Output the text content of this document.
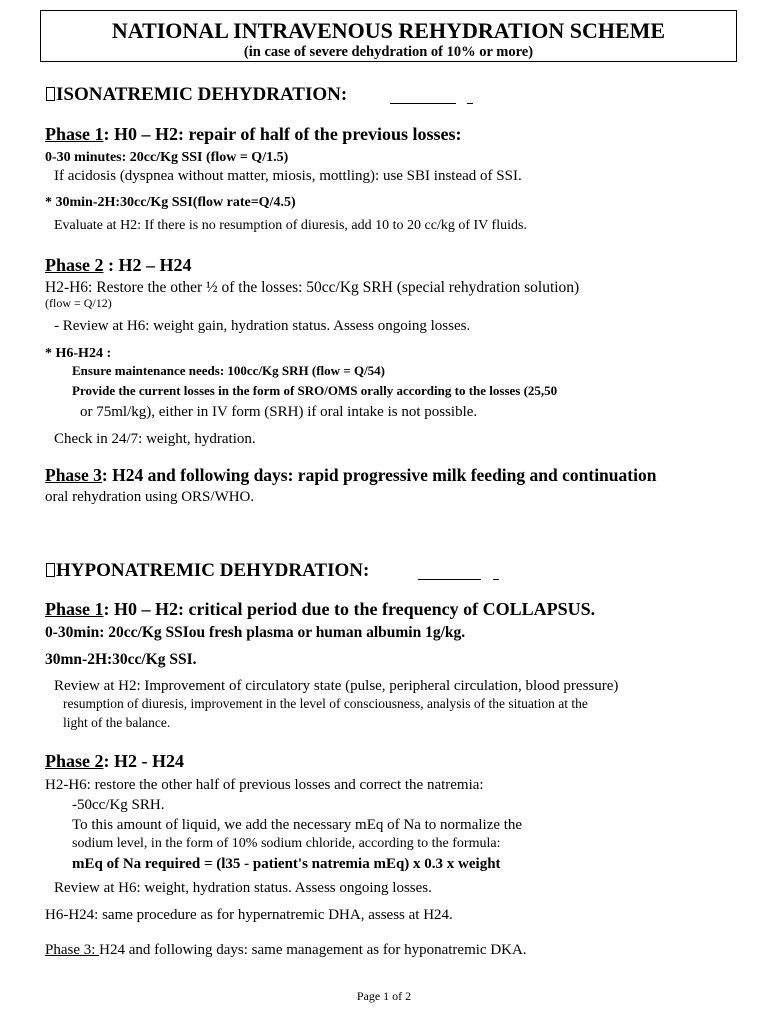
NATIONAL INTRAVENOUS REHYDRATION SCHEME
(in case of severe dehydration of 10% or more)
ISONATREMIC DEHYDRATION:
Phase 1: H0 – H2: repair of half of the previous losses:
0-30 minutes: 20cc/Kg SSI (flow = Q/1.5)
If acidosis (dyspnea without matter, miosis, mottling): use SBI instead of SSI.
* 30min-2H:30cc/Kg SSI(flow rate=Q/4.5)
Evaluate at H2: If there is no resumption of diuresis, add 10 to 20 cc/kg of IV fluids.
Phase 2 : H2 – H24
H2-H6: Restore the other ½ of the losses: 50cc/Kg SRH (special rehydration solution)
(flow = Q/12)
- Review at H6: weight gain, hydration status. Assess ongoing losses.
* H6-H24 :
Ensure maintenance needs: 100cc/Kg SRH (flow = Q/54)
Provide the current losses in the form of SRO/OMS orally according to the losses (25,50
or 75ml/kg), either in IV form (SRH) if oral intake is not possible.
Check in 24/7: weight, hydration.
Phase 3: H24 and following days: rapid progressive milk feeding and continuation
oral rehydration using ORS/WHO.
HYPONATREMIC DEHYDRATION:
Phase 1: H0 – H2: critical period due to the frequency of COLLAPSUS.
0-30min: 20cc/Kg SSIou fresh plasma or human albumin 1g/kg.
30mn-2H:30cc/Kg SSI.
Review at H2: Improvement of circulatory state (pulse, peripheral circulation, blood pressure)
resumption of diuresis, improvement in the level of consciousness, analysis of the situation at the
light of the balance.
Phase 2: H2 - H24
H2-H6: restore the other half of previous losses and correct the natremia:
-50cc/Kg SRH.
To this amount of liquid, we add the necessary mEq of Na to normalize the
sodium level, in the form of 10% sodium chloride, according to the formula:
mEq of Na required = (l35 - patient's natremia mEq) x 0.3 x weight
Review at H6: weight, hydration status. Assess ongoing losses.
H6-H24: same procedure as for hypernatremic DHA, assess at H24.
Phase 3: H24 and following days: same management as for hyponatremic DKA.
Page 1 of 2
